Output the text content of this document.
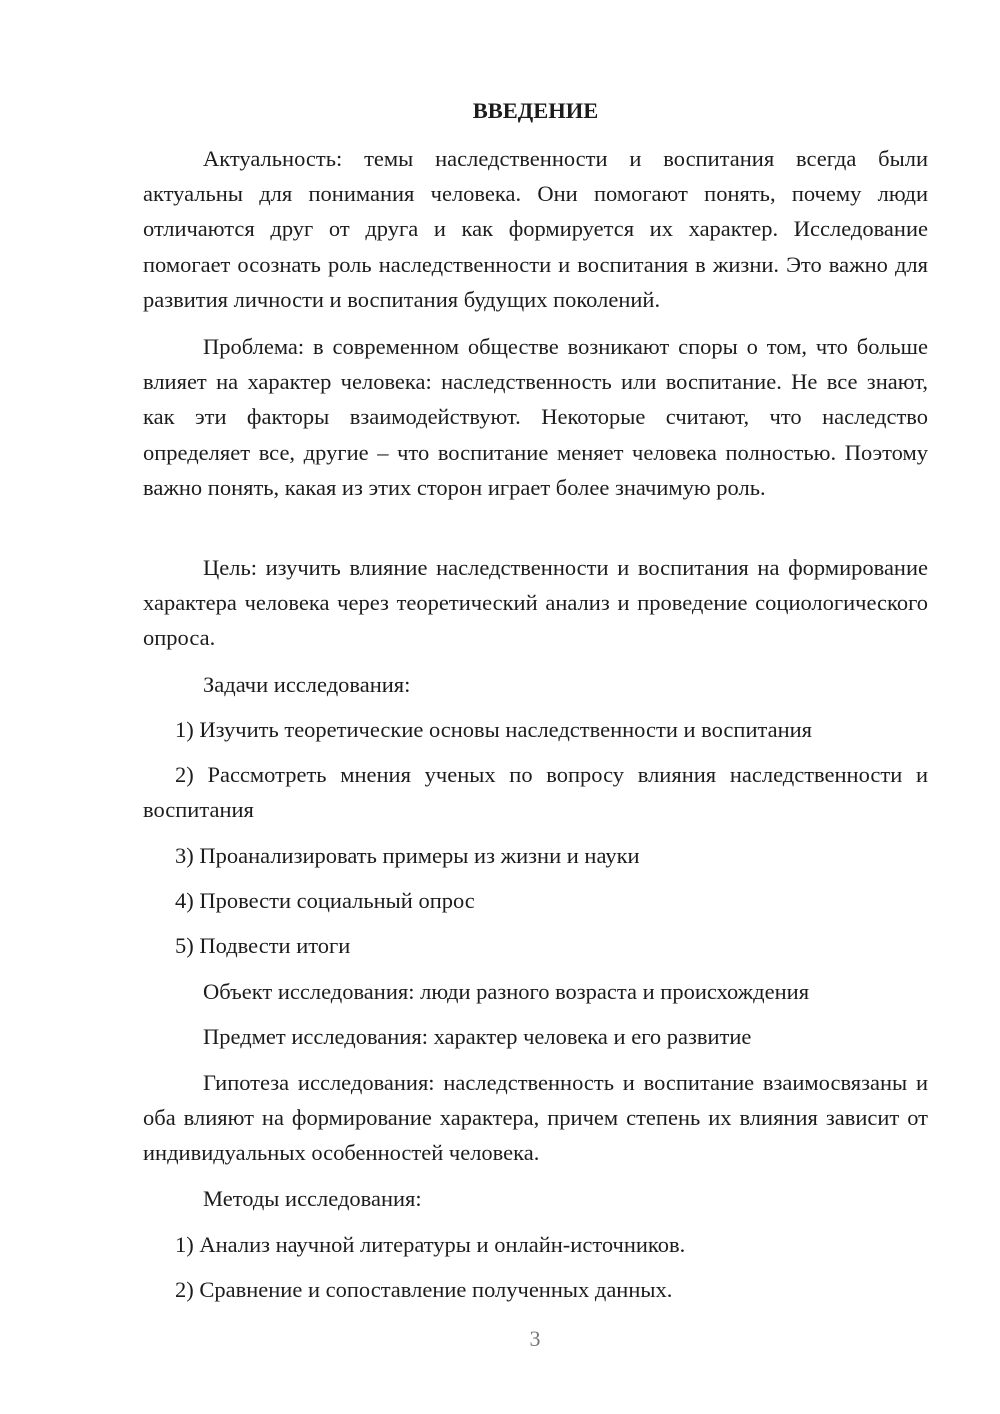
ВВЕДЕНИЕ

Актуальность: темы наследственности и воспитания всегда были актуальны для понимания человека. Они помогают понять, почему люди отличаются друг от друга и как формируется их характер. Исследование помогает осознать роль наследственности и воспитания в жизни. Это важно для развития личности и воспитания будущих поколений.

Проблема: в современном обществе возникают споры о том, что больше влияет на характер человека: наследственность или воспитание. Не все знают, как эти факторы взаимодействуют. Некоторые считают, что наследство определяет все, другие – что воспитание меняет человека полностью. Поэтому важно понять, какая из этих сторон играет более значимую роль.

Цель: изучить влияние наследственности и воспитания на формирование характера человека через теоретический анализ и проведение социологического опроса.

Задачи исследования:

1) Изучить теоретические основы наследственности и воспитания

2) Рассмотреть мнения ученых по вопросу влияния наследственности и воспитания

3) Проанализировать примеры из жизни и науки

4) Провести социальный опрос

5) Подвести итоги

Объект исследования: люди разного возраста и происхождения

Предмет исследования: характер человека и его развитие

Гипотеза исследования: наследственность и воспитание взаимосвязаны и оба влияют на формирование характера, причем степень их влияния зависит от индивидуальных особенностей человека.

Методы исследования:

1) Анализ научной литературы и онлайн-источников.

2) Сравнение и сопоставление полученных данных.

3
